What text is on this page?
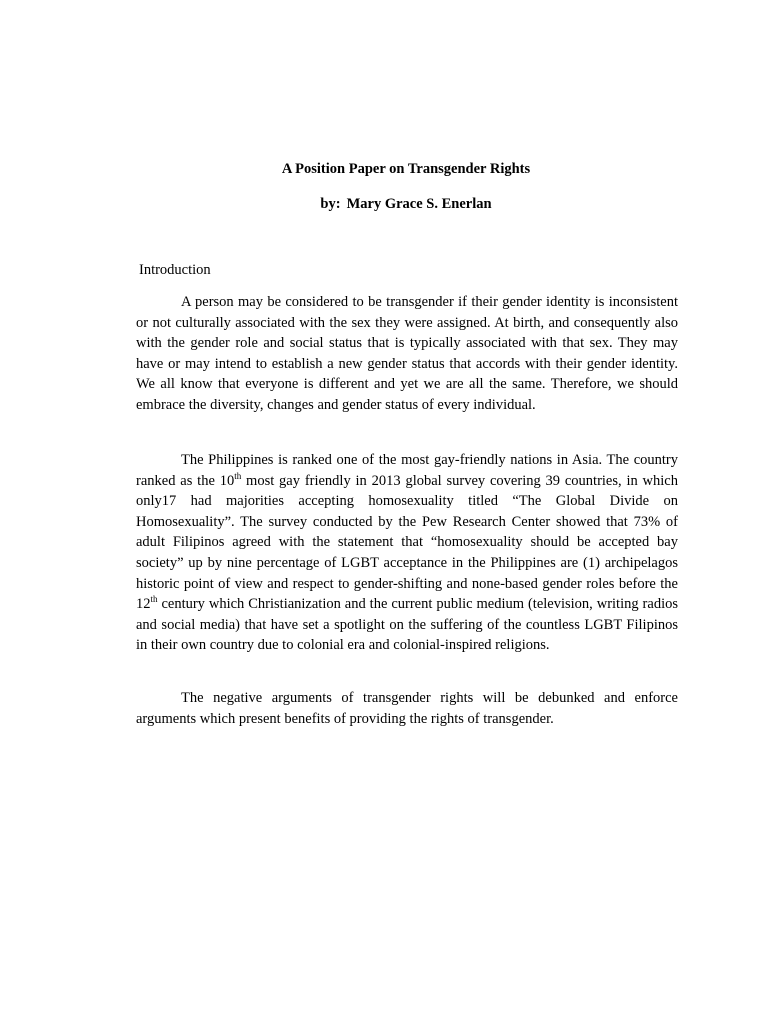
A Position Paper on Transgender Rights
by: Mary Grace S. Enerlan
Introduction

A person may be considered to be transgender if their gender identity is inconsistent or not culturally associated with the sex they were assigned. At birth, and consequently also with the gender role and social status that is typically associated with that sex. They may have or may intend to establish a new gender status that accords with their gender identity. We all know that everyone is different and yet we are all the same. Therefore, we should embrace the diversity, changes and gender status of every individual.

The Philippines is ranked one of the most gay-friendly nations in Asia. The country ranked as the 10th most gay friendly in 2013 global survey covering 39 countries, in which only17 had majorities accepting homosexuality titled “The Global Divide on Homosexuality”. The survey conducted by the Pew Research Center showed that 73% of adult Filipinos agreed with the statement that “homosexuality should be accepted bay society” up by nine percentage of LGBT acceptance in the Philippines are (1) archipelagos historic point of view and respect to gender-shifting and none-based gender roles before the 12th century which Christianization and the current public medium (television, writing radios and social media) that have set a spotlight on the suffering of the countless LGBT Filipinos in their own country due to colonial era and colonial-inspired religions.

The negative arguments of transgender rights will be debunked and enforce arguments which present benefits of providing the rights of transgender.
